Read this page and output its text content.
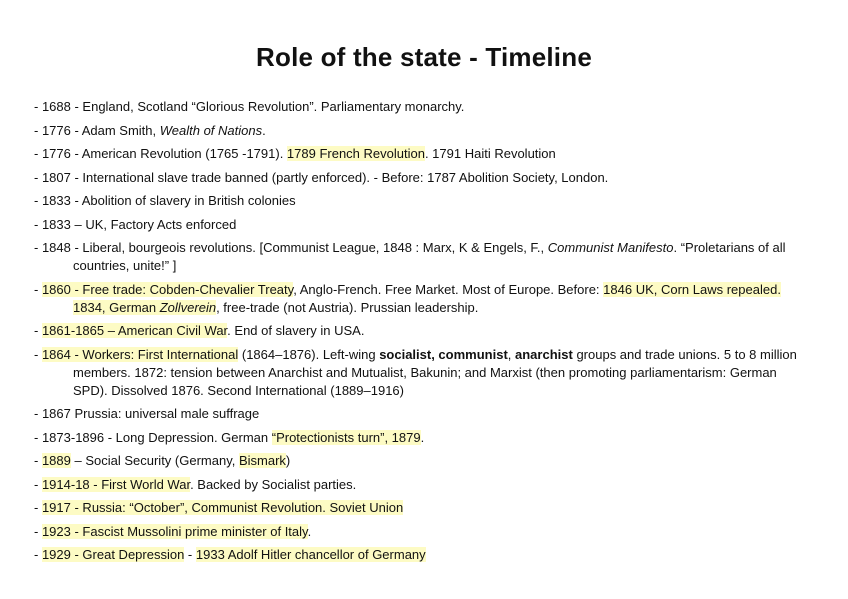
Role of the state - Timeline
- 1688 - England, Scotland “Glorious Revolution”. Parliamentary monarchy.
- 1776 - Adam Smith, Wealth of Nations.
- 1776 - American Revolution (1765 -1791). 1789 French Revolution. 1791 Haiti Revolution
- 1807 - International slave trade banned (partly enforced). - Before: 1787 Abolition Society, London.
- 1833 - Abolition of slavery in British colonies
- 1833 – UK, Factory Acts enforced
- 1848 - Liberal, bourgeois revolutions. [Communist League, 1848 : Marx, K & Engels, F., Communist Manifesto. “Proletarians of all countries, unite!” ]
- 1860 - Free trade: Cobden-Chevalier Treaty, Anglo-French. Free Market. Most of Europe. Before: 1846 UK, Corn Laws repealed. 1834, German Zollverein, free-trade (not Austria). Prussian leadership.
- 1861-1865 – American Civil War. End of slavery in USA.
- 1864 - Workers: First International (1864–1876). Left-wing socialist, communist, anarchist groups and trade unions. 5 to 8 million members. 1872: tension between Anarchist and Mutualist, Bakunin; and Marxist (then promoting parliamentarism: German SPD). Dissolved 1876. Second International (1889–1916)
- 1867 Prussia: universal male suffrage
- 1873-1896 - Long Depression. German “Protectionists turn”, 1879.
- 1889 – Social Security (Germany, Bismark)
- 1914-18 - First World War. Backed by Socialist parties.
- 1917 - Russia: “October”, Communist Revolution. Soviet Union
- 1923 - Fascist Mussolini prime minister of Italy.
- 1929 - Great Depression - 1933 Adolf Hitler chancellor of Germany
